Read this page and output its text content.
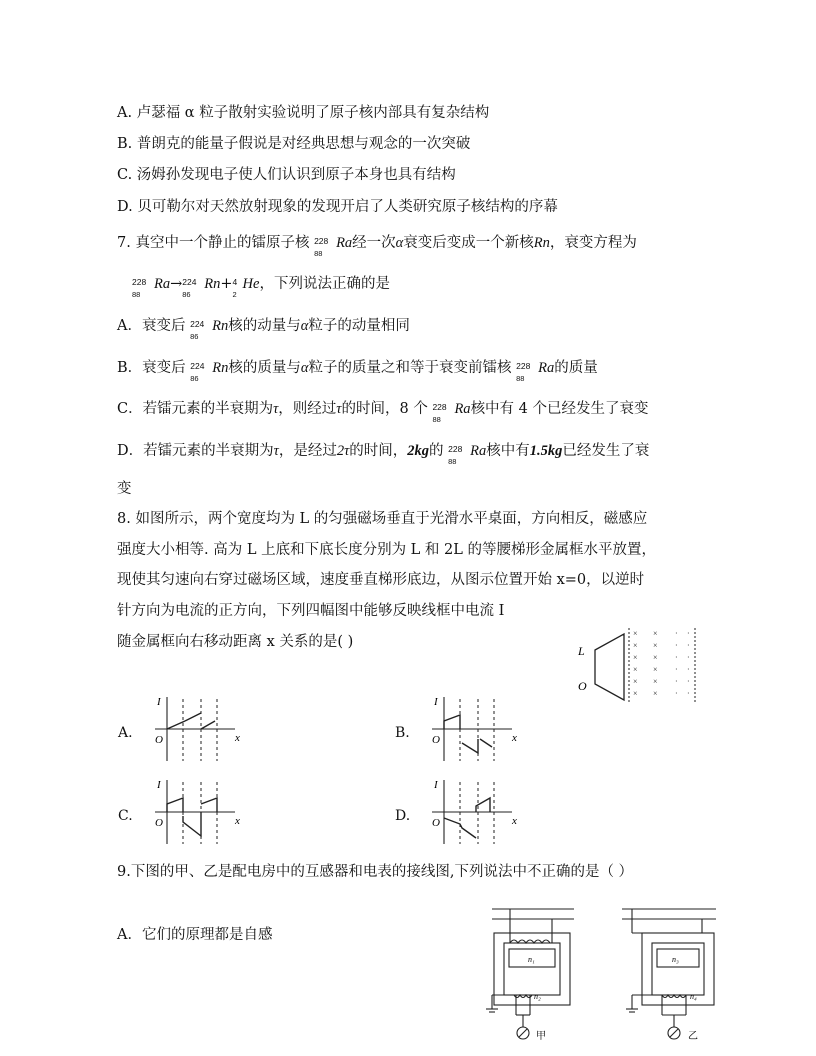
A. 卢瑟福 α 粒子散射实验说明了原子核内部具有复杂结构
B. 普朗克的能量子假说是对经典思想与观念的一次突破
C. 汤姆孙发现电子使人们认识到原子本身也具有结构
D. 贝可勒尔对天然放射现象的发现开启了人类研究原子核结构的序幕
7. 真空中一个静止的镭原子核 228
88
Ra经一次α衰变后变成一个新核Rn，衰变方程为
228
88
Ra→ 224
86
Rn+ 4
2
He，下列说法正确的是
A．衰变后 224
86
Rn核的动量与α粒子的动量相同
B．衰变后 224
86
Rn核的质量与α粒子的质量之和等于衰变前镭核 228
88
Ra的质量
C．若镭元素的半衰期为τ，则经过τ的时间，8 个 228
88
Ra核中有 4 个已经发生了衰变
D．若镭元素的半衰期为τ，是经过2τ的时间，2kg的 228
88
Ra核中有1.5kg已经发生了衰
变
8. 如图所示，两个宽度均为 L 的匀强磁场垂直于光滑水平桌面，方向相反，磁感应
强度大小相等. 高为 L 上底和下底长度分别为 L 和 2L 的等腰梯形金属框水平放置，
现使其匀速向右穿过磁场区域，速度垂直梯形底边，从图示位置开始 x=0，以逆时
针方向为电流的正方向，下列四幅图中能够反映线框中电流 I
随金属框向右移动距离 x 关系的是( )
×
×
×
×
×
×
×
×
×
×
×
×
·
·
·
·
·
·
·
·
·
·
·
·
L
O
A.	B.
C.	D.
I
O	x
I
O	x
I
O	x
I
O	x
9.下图的甲、乙是配电房中的互感器和电表的接线图,下列说法中不正确的是（ ）
A．它们的原理都是自感
n₁
n₂
n₃
n₄
甲	乙
